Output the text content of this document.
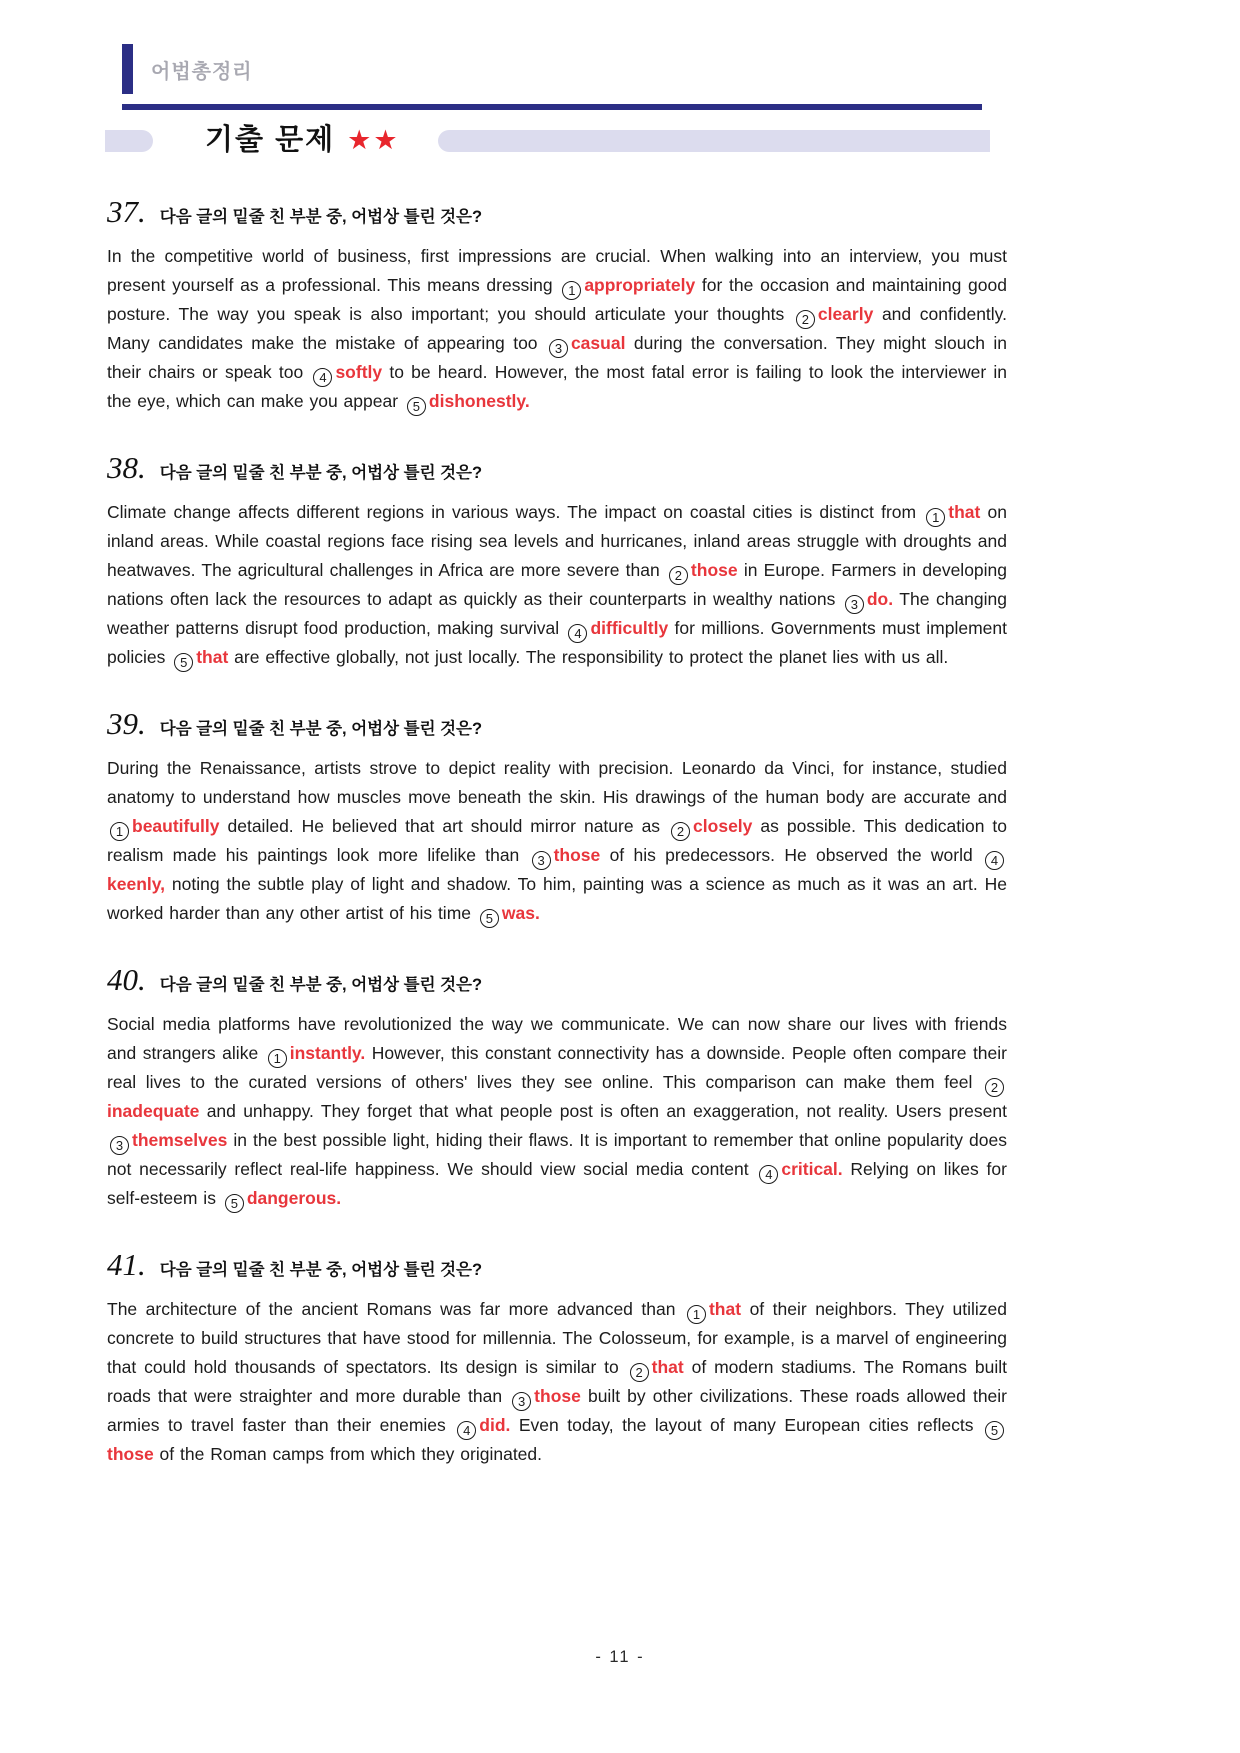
어법총정리
기출 문제 ★★
37. 다음 글의 밑줄 친 부분 중, 어법상 틀린 것은?

In the competitive world of business, first impressions are crucial. When walking into an interview, you must present yourself as a professional. This means dressing 1 appropriately for the occasion and maintaining good posture. The way you speak is also important; you should articulate your thoughts 2 clearly and confidently. Many candidates make the mistake of appearing too 3 casual during the conversation. They might slouch in their chairs or speak too 4 softly to be heard. However, the most fatal error is failing to look the interviewer in the eye, which can make you appear 5 dishonestly.

38. 다음 글의 밑줄 친 부분 중, 어법상 틀린 것은?

Climate change affects different regions in various ways. The impact on coastal cities is distinct from 1 that on inland areas. While coastal regions face rising sea levels and hurricanes, inland areas struggle with droughts and heatwaves. The agricultural challenges in Africa are more severe than 2 those in Europe. Farmers in developing nations often lack the resources to adapt as quickly as their counterparts in wealthy nations 3 do. The changing weather patterns disrupt food production, making survival 4 difficultly for millions. Governments must implement policies 5 that are effective globally, not just locally. The responsibility to protect the planet lies with us all.

39. 다음 글의 밑줄 친 부분 중, 어법상 틀린 것은?

During the Renaissance, artists strove to depict reality with precision. Leonardo da Vinci, for instance, studied anatomy to understand how muscles move beneath the skin. His drawings of the human body are accurate and 1 beautifully detailed. He believed that art should mirror nature as 2 closely as possible. This dedication to realism made his paintings look more lifelike than 3 those of his predecessors. He observed the world 4keenly, noting the subtle play of light and shadow. To him, painting was a science as much as it was an art. He worked harder than any other artist of his time 5 was.

40. 다음 글의 밑줄 친 부분 중, 어법상 틀린 것은?

Social media platforms have revolutionized the way we communicate. We can now share our lives with friends and strangers alike 1 instantly. However, this constant connectivity has a downside. People often compare their real lives to the curated versions of others' lives they see online. This comparison can make them feel 2inadequate and unhappy. They forget that what people post is often an exaggeration, not reality. Users present 3 themselves in the best possible light, hiding their flaws. It is important to remember that online popularity does not necessarily reflect real-life happiness. We should view social media content 4 critical. Relying on likes for self-esteem is 5 dangerous.

41. 다음 글의 밑줄 친 부분 중, 어법상 틀린 것은?

The architecture of the ancient Romans was far more advanced than 1 that of their neighbors. They utilized concrete to build structures that have stood for millennia. The Colosseum, for example, is a marvel of engineering that could hold thousands of spectators. Its design is similar to 2 that of modern stadiums. The Romans built roads that were straighter and more durable than 3 those built by other civilizations. These roads allowed their armies to travel faster than their enemies 4 did. Even today, the layout of many European cities reflects 5those of the Roman camps from which they originated.

- 11 -
